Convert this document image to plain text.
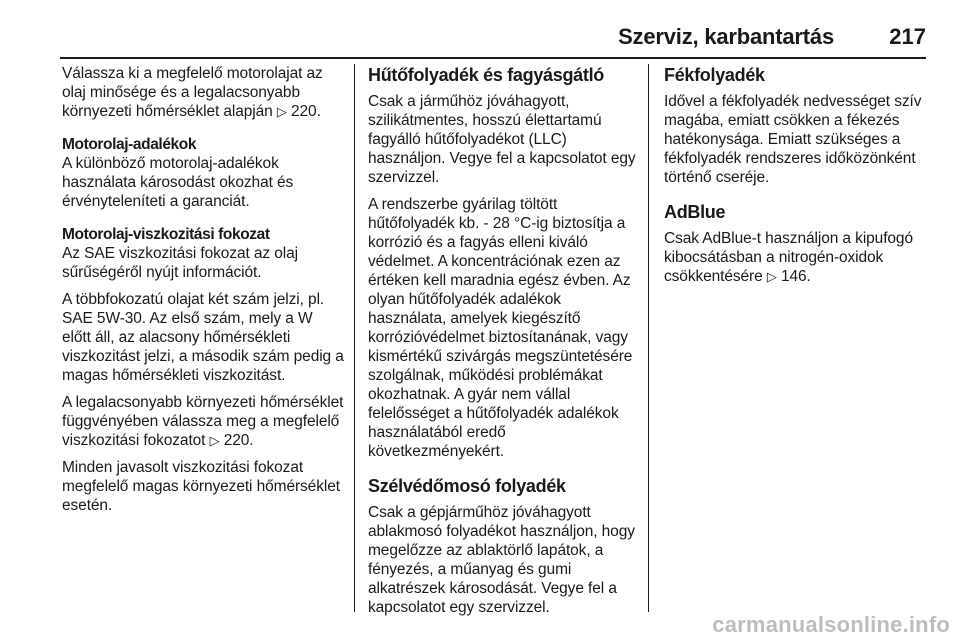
Szerviz, karbantartás	217

Válassza ki a megfelelő motorolajat az olaj minősége és a legalacsonyabb környezeti hőmérséklet alapján ▷ 220.

Motorolaj-adalékok

A különböző motorolaj-adalékok használata károsodást okozhat és érvényteleníteti a garanciát.

Motorolaj-viszkozitási fokozat

Az SAE viszkozitási fokozat az olaj sűrűségéről nyújt információt.

A többfokozatú olajat két szám jelzi, pl. SAE 5W-30. Az első szám, mely a W előtt áll, az alacsony hőmérsékleti viszkozitást jelzi, a második szám pedig a magas hőmérsékleti viszkozitást.

A legalacsonyabb környezeti hőmérséklet függvényében válassza meg a megfelelő viszkozitási fokozatot ▷ 220.

Minden javasolt viszkozitási fokozat megfelelő magas környezeti hőmérséklet esetén.

Hűtőfolyadék és fagyásgátló

Csak a járműhöz jóváhagyott, szilikátmentes, hosszú élettartamú fagyálló hűtőfolyadékot (LLC) használjon. Vegye fel a kapcsolatot egy szervizzel.

A rendszerbe gyárilag töltött hűtőfolyadék kb. - 28 °C-ig biztosítja a korrózió és a fagyás elleni kiváló védelmet. A koncentrációnak ezen az értéken kell maradnia egész évben. Az olyan hűtőfolyadék adalékok használata, amelyek kiegészítő korrózióvédelmet biztosítanának, vagy kismértékű szivárgás megszüntetésére szolgálnak, működési problémákat okozhatnak. A gyár nem vállal felelősséget a hűtőfolyadék adalékok használatából eredő következményekért.

Szélvédőmosó folyadék

Csak a gépjárműhöz jóváhagyott ablakmosó folyadékot használjon, hogy megelőzze az ablaktörlő lapátok, a fényezés, a műanyag és gumi alkatrészek károsodását. Vegye fel a kapcsolatot egy szervizzel.

Fékfolyadék

Idővel a fékfolyadék nedvességet szív magába, emiatt csökken a fékezés hatékonysága. Emiatt szükséges a fékfolyadék rendszeres időközönként történő cseréje.

AdBlue

Csak AdBlue-t használjon a kipufogó kibocsátásban a nitrogén-oxidok csökkentésére ▷ 146.

carmanualsonline.info
